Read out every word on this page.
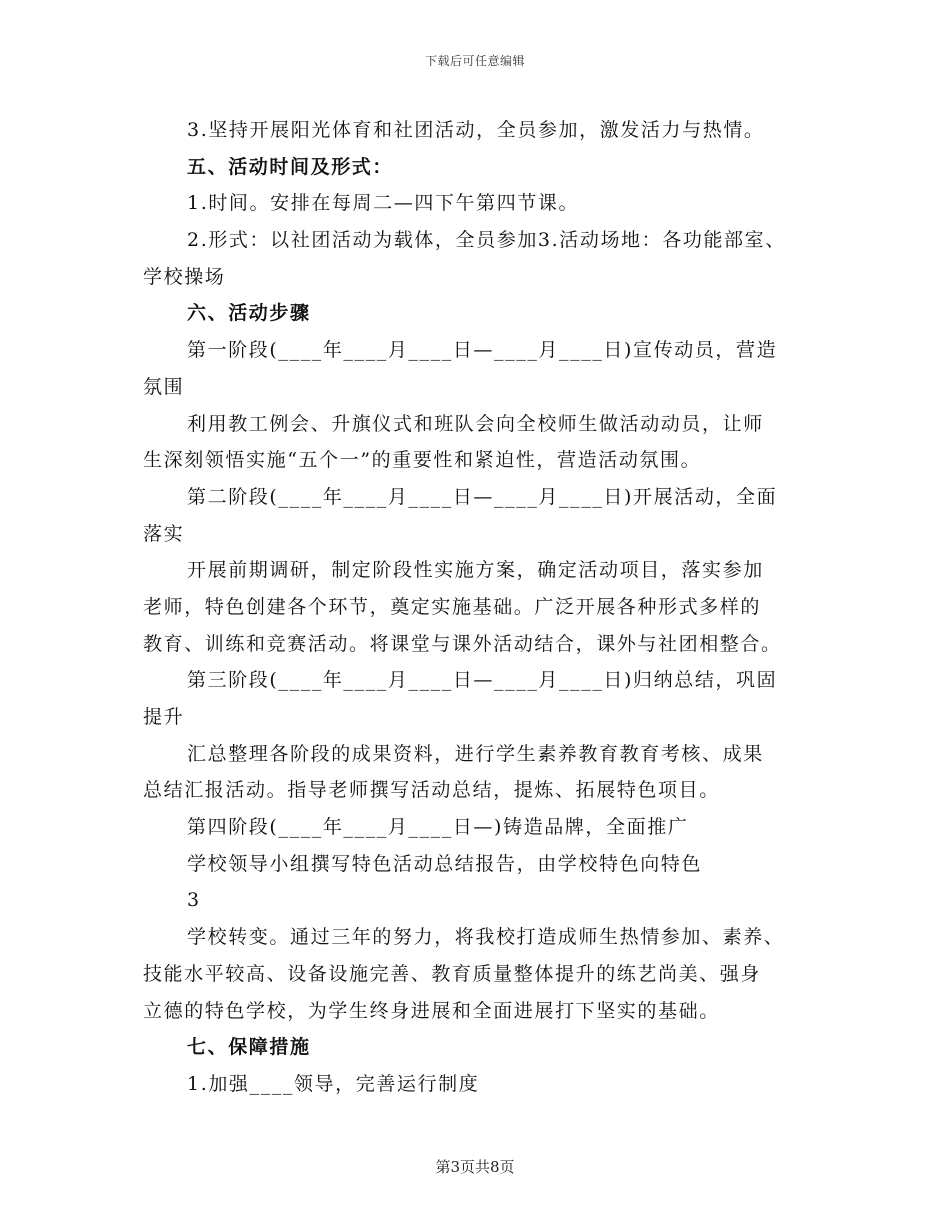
下载后可任意编辑
3.坚持开展阳光体育和社团活动，全员参加，激发活力与热情。
五、活动时间及形式：
1.时间。安排在每周二—四下午第四节课。
2.形式：以社团活动为载体，全员参加3.活动场地：各功能部室、
学校操场
六、活动步骤
第一阶段(____年____月____日—____月____日)宣传动员，营造
氛围
利用教工例会、升旗仪式和班队会向全校师生做活动动员，让师
生深刻领悟实施“五个一”的重要性和紧迫性，营造活动氛围。
第二阶段(____年____月____日—____月____日)开展活动，全面
落实
开展前期调研，制定阶段性实施方案，确定活动项目，落实参加
老师，特色创建各个环节，奠定实施基础。广泛开展各种形式多样的
教育、训练和竞赛活动。将课堂与课外活动结合，课外与社团相整合。
第三阶段(____年____月____日—____月____日)归纳总结，巩固
提升
汇总整理各阶段的成果资料，进行学生素养教育教育考核、成果
总结汇报活动。指导老师撰写活动总结，提炼、拓展特色项目。
第四阶段(____年____月____日—)铸造品牌，全面推广
学校领导小组撰写特色活动总结报告，由学校特色向特色
3
学校转变。通过三年的努力，将我校打造成师生热情参加、素养、
技能水平较高、设备设施完善、教育质量整体提升的练艺尚美、强身
立德的特色学校，为学生终身进展和全面进展打下坚实的基础。
七、保障措施
1.加强____领导，完善运行制度
第3页共8页
